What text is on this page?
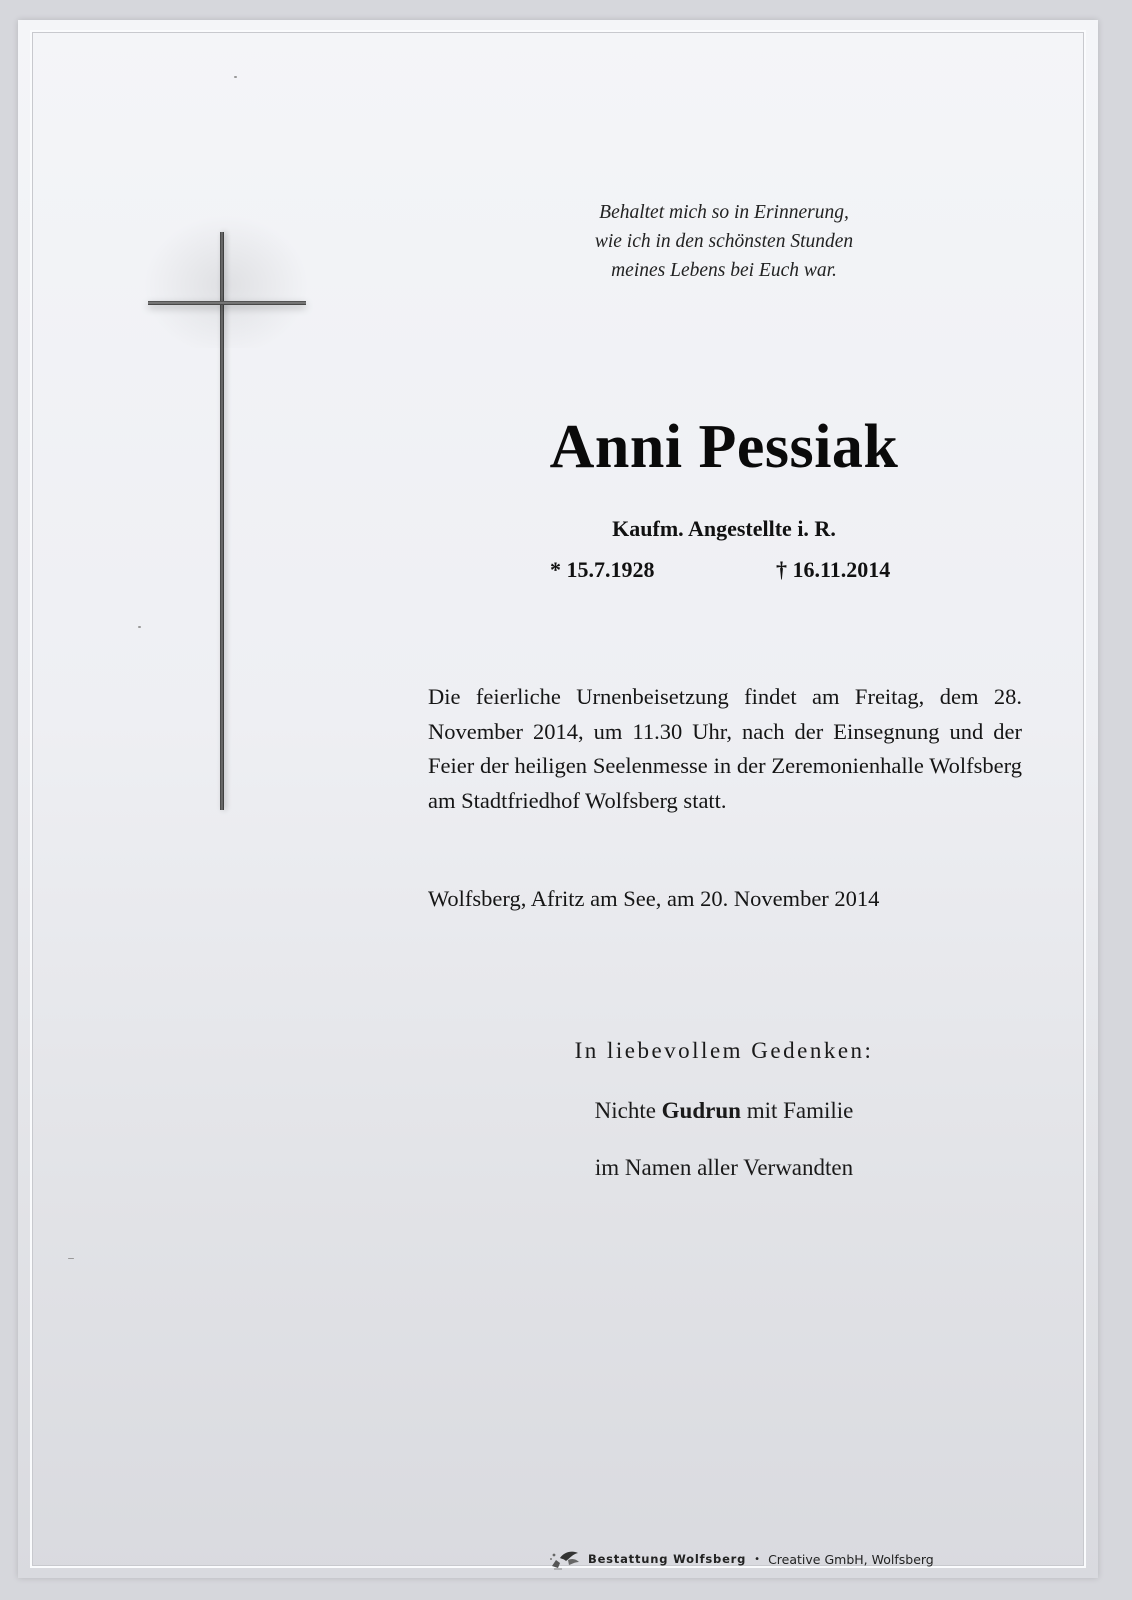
Behaltet mich so in Erinnerung,
wie ich in den schönsten Stunden
meines Lebens bei Euch war.
Anni Pessiak
Kaufm. Angestellte i. R.
* 15.7.1928	† 16.11.2014
Die feierliche Urnenbeisetzung findet am Freitag, dem 28. November 2014, um 11.30 Uhr, nach der Einsegnung und der Feier der heiligen Seelenmesse in der Zeremonienhalle Wolfsberg am Stadtfriedhof Wolfsberg statt.
Wolfsberg, Afritz am See, am 20. November 2014
In liebevollem Gedenken:
Nichte Gudrun mit Familie
im Namen aller Verwandten
Bestattung Wolfsberg • Creative GmbH, Wolfsberg
